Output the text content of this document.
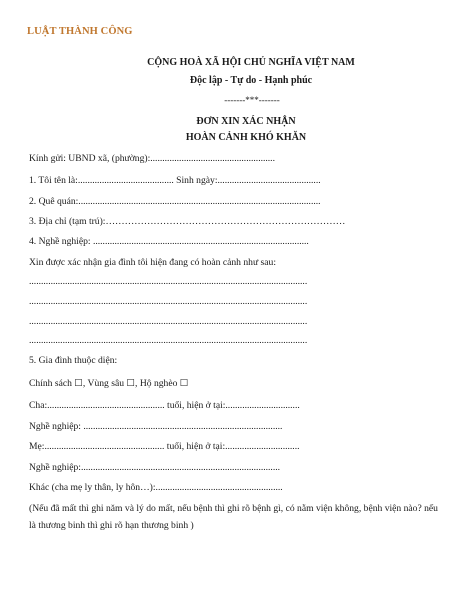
LUẬT THÀNH CÔNG
CỘNG HOÀ XÃ HỘI CHỦ NGHĨA VIỆT NAM
Độc lập - Tự do - Hạnh phúc
-------***-------
ĐƠN XIN XÁC NHẬN
HOÀN CẢNH KHÓ KHĂN
Kính gửi: UBND xã, (phường):....................................................
1. Tôi tên là:........................................ Sinh ngày:...........................................
2. Quê quán:.....................................................................................................
3. Địa chỉ (tạm trú):…………………………………………………………………
4. Nghề nghiệp: ..........................................................................................
Xin được xác nhận gia đình tôi hiện đang có hoàn cảnh như sau:
....................................................................................................................
....................................................................................................................
....................................................................................................................
....................................................................................................................
5. Gia đình thuộc diện:
Chính sách ☐, Vùng sâu ☐, Hộ nghèo ☐
Cha:................................................. tuổi, hiện ở tại:...............................
Nghề nghiệp: ...................................................................................
Mẹ:.................................................. tuổi, hiện ở tại:...............................
Nghề nghiệp:...................................................................................
Khác (cha mẹ ly thân, ly hôn…):.....................................................
(Nếu đã mất thì ghi năm và lý do mất, nếu bệnh thì ghi rõ bệnh gì, có nằm viện không, bệnh viện nào? nếu là thương binh thì ghi rõ hạn thương binh )
